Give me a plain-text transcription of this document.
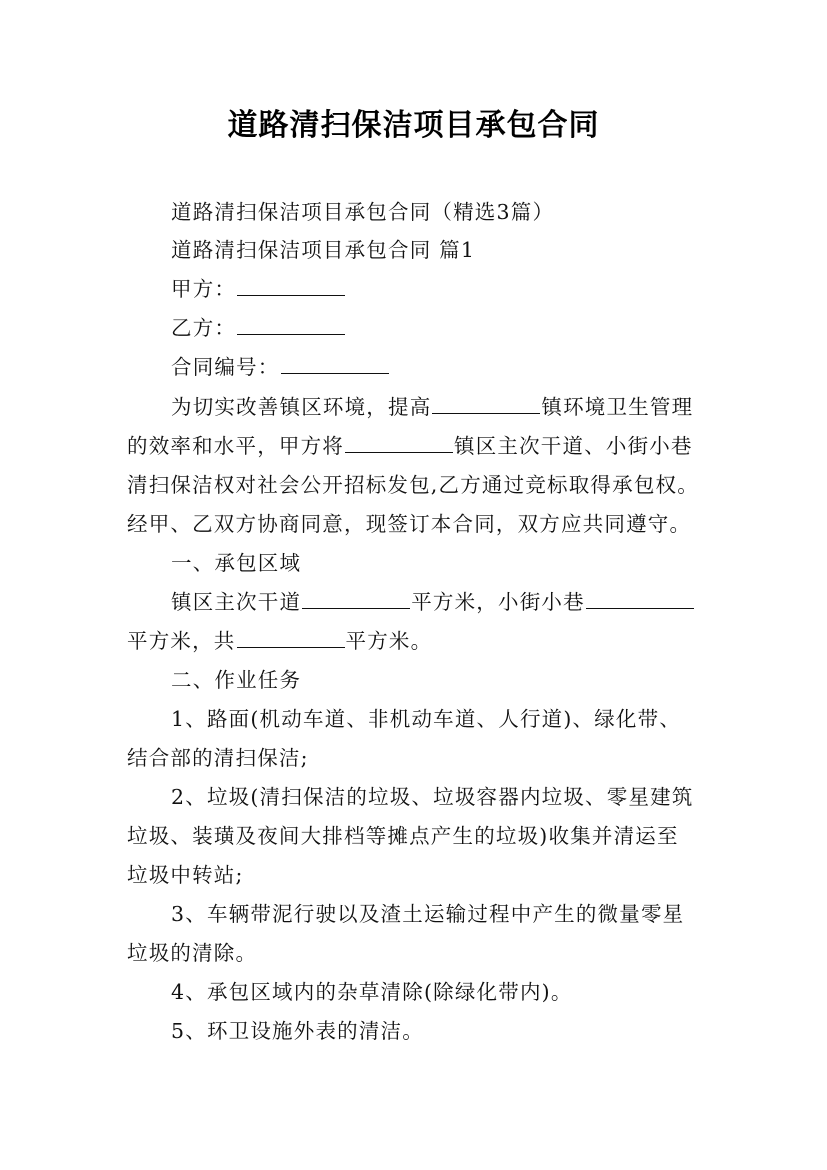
道路清扫保洁项目承包合同
道路清扫保洁项目承包合同（精选3篇）
道路清扫保洁项目承包合同 篇1
甲方：
乙方：
合同编号：
为切实改善镇区环境，提高	镇环境卫生管理
的效率和水平，甲方将	镇区主次干道、小街小巷
清扫保洁权对社会公开招标发包,乙方通过竞标取得承包权。
经甲、乙双方协商同意，现签订本合同，双方应共同遵守。
一、承包区域
镇区主次干道	平方米，小街小巷
平方米，共	平方米。
二、作业任务
1、路面(机动车道、非机动车道、人行道)、绿化带、
结合部的清扫保洁;
2、垃圾(清扫保洁的垃圾、垃圾容器内垃圾、零星建筑
垃圾、装璜及夜间大排档等摊点产生的垃圾)收集并清运至
垃圾中转站;
3、车辆带泥行驶以及渣土运输过程中产生的微量零星
垃圾的清除。
4、承包区域内的杂草清除(除绿化带内)。
5、环卫设施外表的清洁。
